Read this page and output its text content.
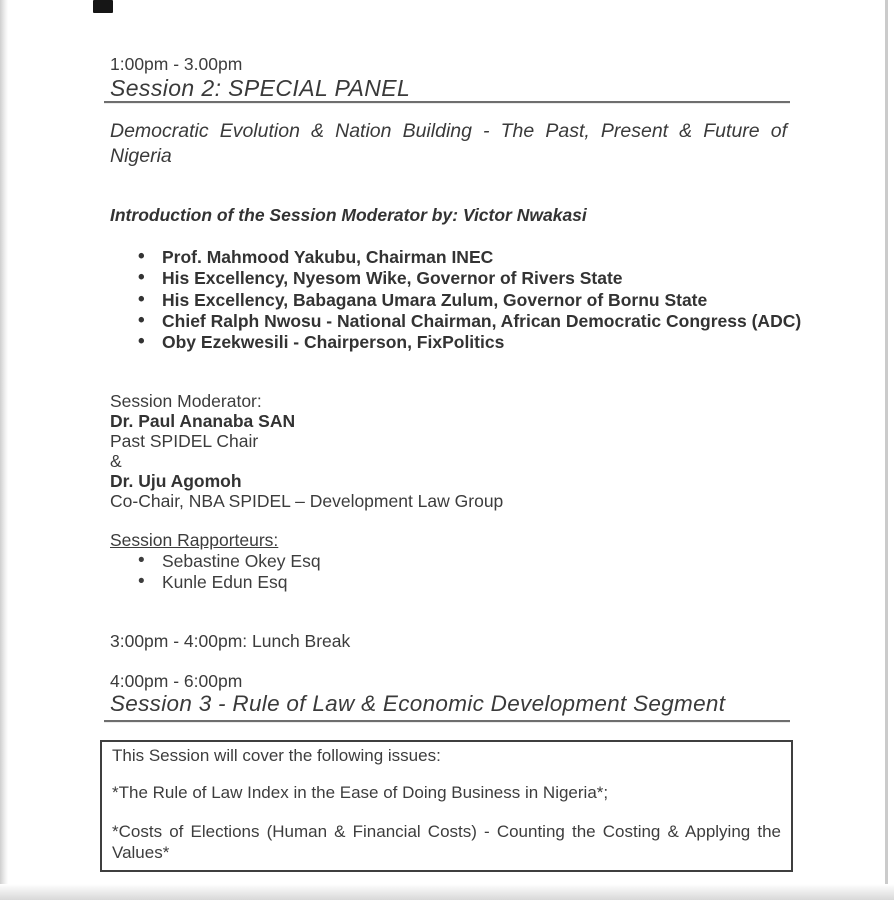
1:00pm - 3.00pm
Session 2: SPECIAL PANEL

Democratic Evolution & Nation Building - The Past, Present & Future of Nigeria

Introduction of the Session Moderator by: Victor Nwakasi

• Prof. Mahmood Yakubu, Chairman INEC
• His Excellency, Nyesom Wike, Governor of Rivers State
• His Excellency, Babagana Umara Zulum, Governor of Bornu State
• Chief Ralph Nwosu - National Chairman, African Democratic Congress (ADC)
• Oby Ezekwesili - Chairperson, FixPolitics
Session Moderator:
Dr. Paul Ananaba SAN
Past SPIDEL Chair
&
Dr. Uju Agomoh
Co-Chair, NBA SPIDEL – Development Law Group
Session Rapporteurs:
• Sebastine Okey Esq
• Kunle Edun Esq
3:00pm - 4:00pm: Lunch Break
4:00pm - 6:00pm
Session 3 - Rule of Law & Economic Development Segment

This Session will cover the following issues:

*The Rule of Law Index in the Ease of Doing Business in Nigeria*;

*Costs of Elections (Human & Financial Costs) - Counting the Costing & Applying the Values*
